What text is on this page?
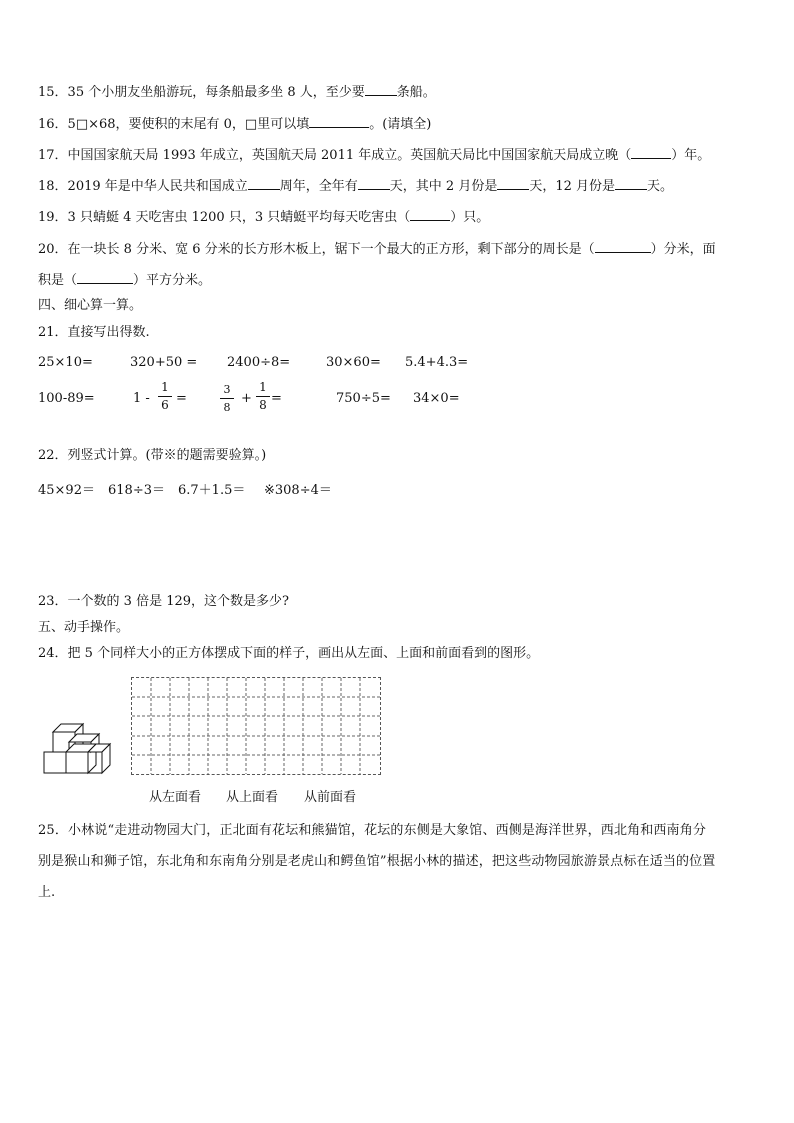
15．35 个小朋友坐船游玩，每条船最多坐 8 人，至少要 条船。
16．5□×68，要使积的末尾有 0，□里可以填	。(请填全)
17．中国国家航天局 1993 年成立，英国航天局 2011 年成立。英国航天局比中国国家航天局成立晚（	）年。
18．2019 年是中华人民共和国成立 周年，全年有 天，其中 2 月份是 天，12 月份是 天。
19．3 只蜻蜓 4 天吃害虫 1200 只，3 只蜻蜓平均每天吃害虫（	）只。
20．在一块长 8 分米、宽 6 分米的长方形木板上，锯下一个最大的正方形，剩下部分的周长是（	）分米，面
积是（	）平方分米。
四、细心算一算。
21．直接写出得数.
25×10=	320+50 = 2400÷8=	30×60= 5.4+4.3=
100-89=	1 -
1
6 =
3
8
+
1
8 =	750÷5= 34×0=
22．列竖式计算。(带※的题需要验算。)
45×92＝ 618÷3＝ 6.7＋1.5＝ ※308÷4＝
23．一个数的 3 倍是 129，这个数是多少?
五、动手操作。
24．把 5 个同样大小的正方体摆成下面的样子，画出从左面、上面和前面看到的图形。
从左面看 从上面看 从前面看
25．小林说“走进动物园大门，正北面有花坛和熊猫馆，花坛的东侧是大象馆、西侧是海洋世界，西北角和西南角分
别是猴山和狮子馆，东北角和东南角分别是老虎山和鳄鱼馆”根据小林的描述，把这些动物园旅游景点标在适当的位置
上.
